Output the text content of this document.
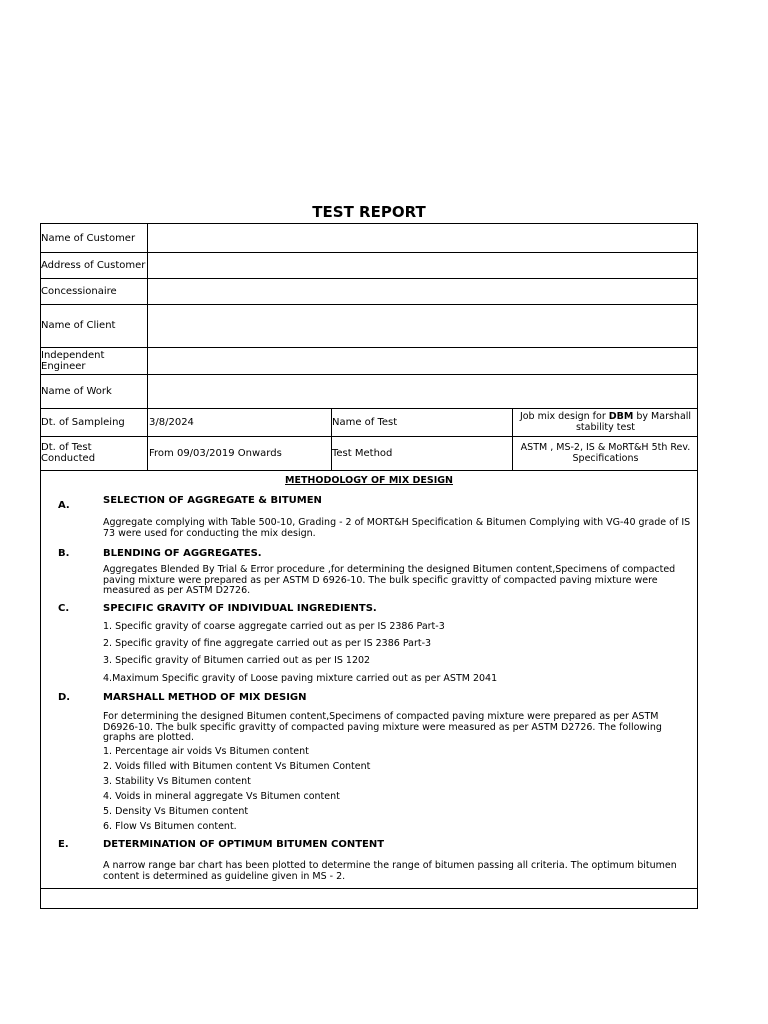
TEST REPORT
Name of Customer
Address of Customer
Concessionaire
Name of Client
Independent Engineer
Name of Work
Dt. of Sampleing	3/8/2024	Name of Test	Job mix design for DBM by Marshall stability test
Dt. of Test Conducted	From 09/03/2019 Onwards	Test Method	ASTM , MS-2, IS & MoRT&H 5th Rev. Specifications
METHODOLOGY OF MIX DESIGN
A.	SELECTION OF AGGREGATE & BITUMEN
Aggregate complying with Table 500-10, Grading - 2 of MORT&H Specification & Bitumen Complying with VG-40 grade of IS 73 were used for conducting the mix design.
B.	BLENDING OF AGGREGATES.
Aggregates Blended By Trial & Error procedure ,for determining the designed Bitumen content,Specimens of compacted paving mixture were prepared as per ASTM D 6926-10. The bulk specific gravitty of compacted paving mixture were measured as per ASTM D2726.
C.	SPECIFIC GRAVITY OF INDIVIDUAL INGREDIENTS.
1. Specific gravity of coarse aggregate carried out as per IS 2386 Part-3
2. Specific gravity of fine aggregate carried out as per IS 2386 Part-3
3. Specific gravity of Bitumen carried out as per IS 1202
4.Maximum Specific gravity of Loose paving mixture carried out as per ASTM 2041
D.	MARSHALL METHOD OF MIX DESIGN
For determining the designed Bitumen content,Specimens of compacted paving mixture were prepared as per ASTM D6926-10. The bulk specific gravitty of compacted paving mixture were measured as per ASTM D2726. The following graphs are plotted.
1. Percentage air voids Vs Bitumen content
2. Voids filled with Bitumen content Vs Bitumen Content
3. Stability Vs Bitumen content
4. Voids in mineral aggregate Vs Bitumen content
5. Density Vs Bitumen content
6. Flow Vs Bitumen content.
E.	DETERMINATION OF OPTIMUM BITUMEN CONTENT
A narrow range bar chart has been plotted to determine the range of bitumen passing all criteria. The optimum bitumen content is determined as guideline given in MS - 2.
